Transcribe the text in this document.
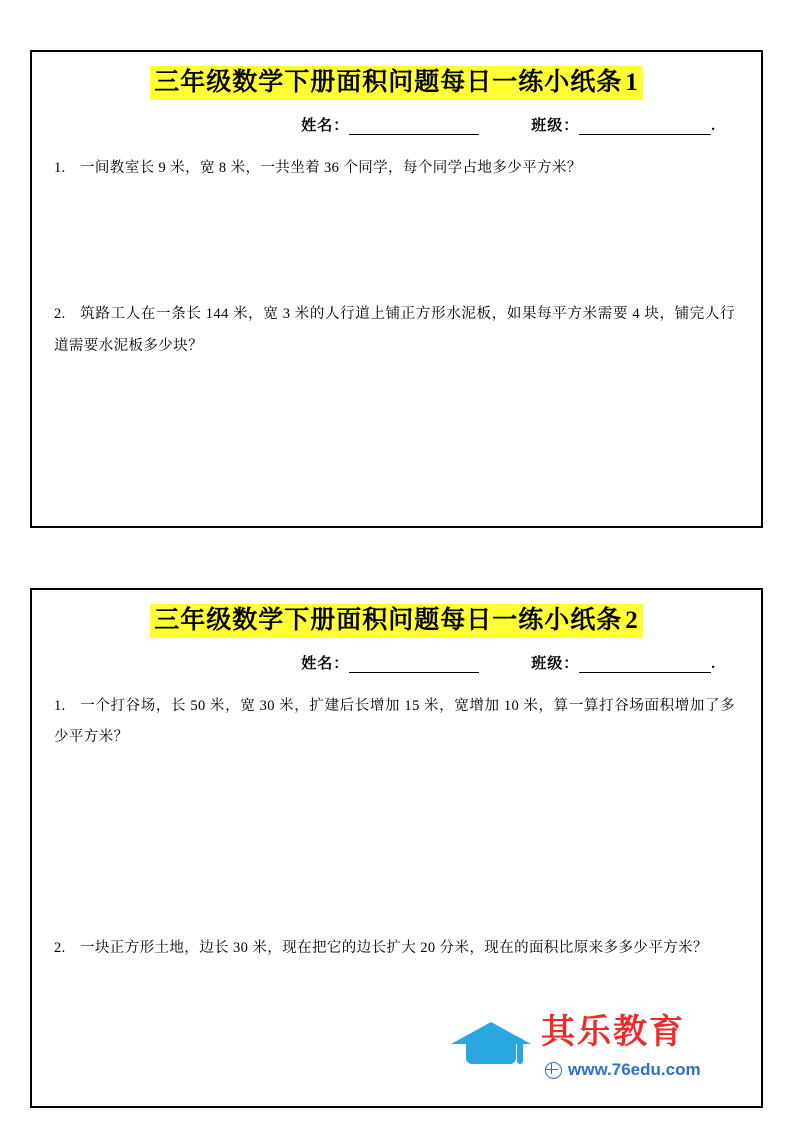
三年级数学下册面积问题每日一练小纸条 1
姓名：	班级：	.

1. 一间教室长 9 米，宽 8 米，一共坐着 36 个同学，每个同学占地多少平方米？

2. 筑路工人在一条长 144 米，宽 3 米的人行道上铺正方形水泥板，如果每平方米需要 4 块，铺完人行道需要水泥板多少块？

三年级数学下册面积问题每日一练小纸条 2
姓名：	班级：	.

1. 一个打谷场，长 50 米，宽 30 米，扩建后长增加 15 米，宽增加 10 米，算一算打谷场面积增加了多少平方米？

2. 一块正方形土地，边长 30 米，现在把它的边长扩大 20 分米，现在的面积比原来多多少平方米？

其乐教育
www.76edu.com
